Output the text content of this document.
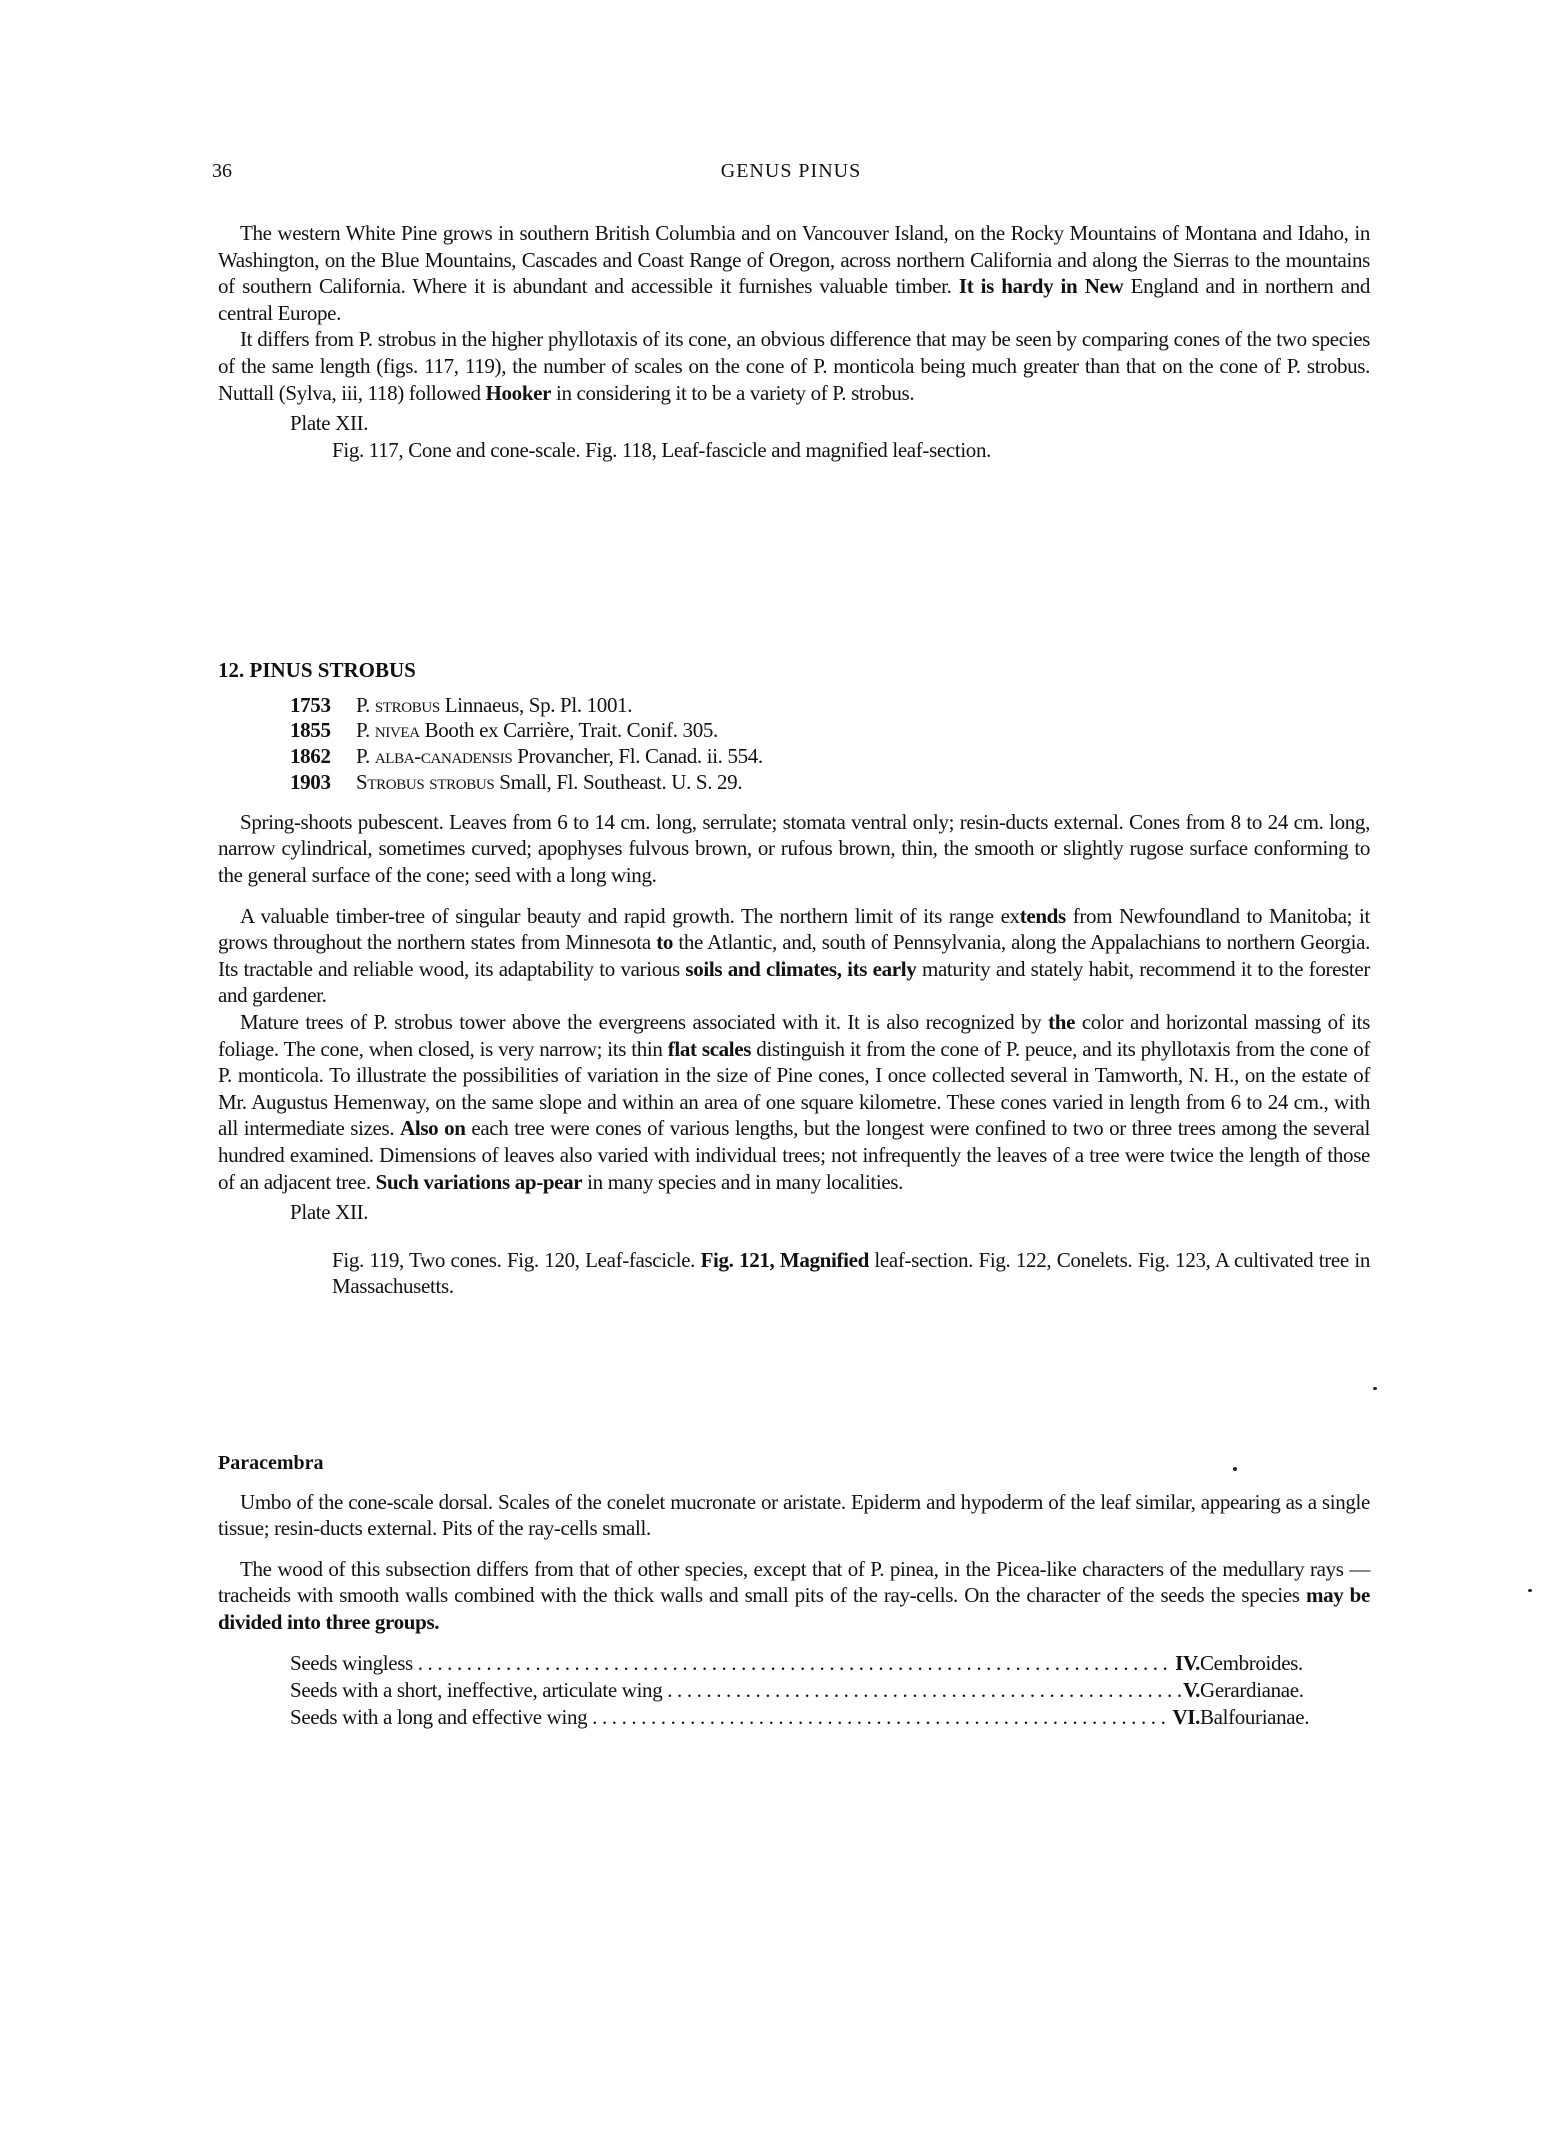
36	GENUS PINUS

The western White Pine grows in southern British Columbia and on Vancouver Island, on the Rocky Mountains of Montana and Idaho, in Washington, on the Blue Mountains, Cascades and Coast Range of Oregon, across northern California and along the Sierras to the mountains of southern California. Where it is abundant and accessible it furnishes valuable timber. It is hardy in New England and in northern and central Europe.

It differs from P. strobus in the higher phyllotaxis of its cone, an obvious difference that may be seen by comparing cones of the two species of the same length (figs. 117, 119), the number of scales on the cone of P. monticola being much greater than that on the cone of P. strobus. Nuttall (Sylva, iii, 118) followed Hooker in considering it to be a variety of P. strobus.

Plate XII.
Fig. 117, Cone and cone-scale. Fig. 118, Leaf-fascicle and magnified leaf-section.
12. PINUS STROBUS
1753 P. strobus Linnaeus, Sp. Pl. 1001.
1855 P. nivea Booth ex Carrière, Trait. Conif. 305.
1862 P. alba-canadensis Provancher, Fl. Canad. ii. 554.
1903 Strobus strobus Small, Fl. Southeast. U. S. 29.

Spring-shoots pubescent. Leaves from 6 to 14 cm. long, serrulate; stomata ventral only; resin-ducts external. Cones from 8 to 24 cm. long, narrow cylindrical, sometimes curved; apophyses fulvous brown, or rufous brown, thin, the smooth or slightly rugose surface conforming to the general surface of the cone; seed with a long wing.

A valuable timber-tree of singular beauty and rapid growth. The northern limit of its range extends from Newfoundland to Manitoba; it grows throughout the northern states from Minnesota to the Atlantic, and, south of Pennsylvania, along the Appalachians to northern Georgia. Its tractable and reliable wood, its adaptability to various soils and climates, its early maturity and stately habit, recommend it to the forester and gardener.

Mature trees of P. strobus tower above the evergreens associated with it. It is also recognized by the color and horizontal massing of its foliage. The cone, when closed, is very narrow; its thin flat scales distinguish it from the cone of P. peuce, and its phyllotaxis from the cone of P. monticola. To illustrate the possibilities of variation in the size of Pine cones, I once collected several in Tamworth, N. H., on the estate of Mr. Augustus Hemenway, on the same slope and within an area of one square kilometre. These cones varied in length from 6 to 24 cm., with all intermediate sizes. Also on each tree were cones of various lengths, but the longest were confined to two or three trees among the several hundred examined. Dimensions of leaves also varied with individual trees; not infrequently the leaves of a tree were twice the length of those of an adjacent tree. Such variations ap-pear in many species and in many localities.

Plate XII.

Fig. 119, Two cones. Fig. 120, Leaf-fascicle. Fig. 121, Magnified leaf-section. Fig. 122, Conelets. Fig. 123, A cultivated tree in Massachusetts.

Paracembra

Umbo of the cone-scale dorsal. Scales of the conelet mucronate or aristate. Epiderm and hypoderm of the leaf similar, appearing as a single tissue; resin-ducts external. Pits of the ray-cells small.

The wood of this subsection differs from that of other species, except that of P. pinea, in the Picea-like characters of the medullary rays — tracheids with smooth walls combined with the thick walls and small pits of the ray-cells. On the character of the seeds the species may be divided into three groups.

Seeds wingless . . .	IV. Cembroides.
Seeds with a short, ineffective, articulate wing . . .	V. Gerardianae.
Seeds with a long and effective wing . . .	VI. Balfourianae.
